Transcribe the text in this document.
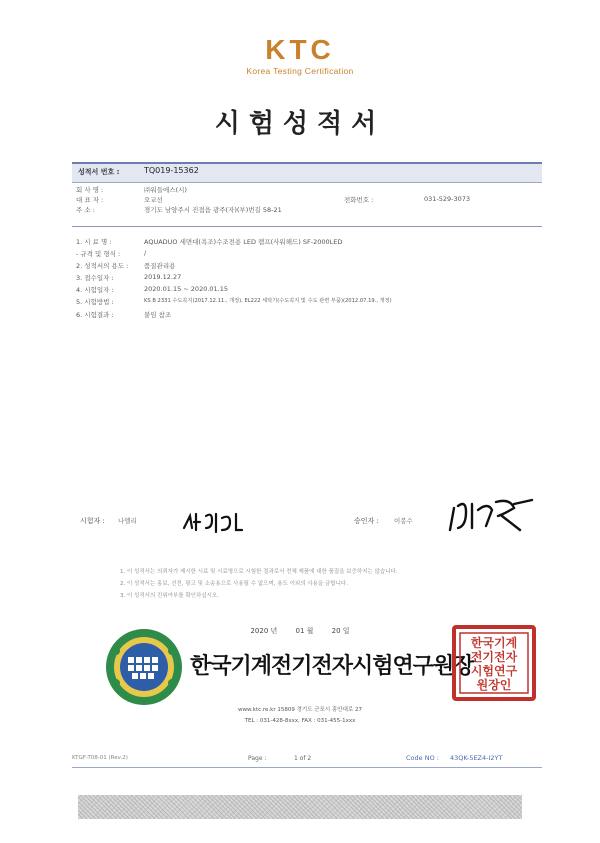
KTC
Korea Testing Certification
시험성적서
성적서 번호 :	TQ019-15362
회 사 명 :	㈜워들에스(시)
대 표 자 :	오교선	전화번호 :	031-529-3073
주 소 :	경기도 남양주시 진접읍 광주(자)(부)번길 58-21
1. 시 료 명 :	AQUADUO 세면대(욕조)수조전용 LED 램프(사워해드) SF-2000LED
- 규격 및 형식 :	/
2. 성적서의 용도 : 품질관리용
3. 접수일자 :	2019.12.27
4. 시험일자 :	2020.01.15 ~ 2020.01.15
5. 시험방법 :	KS B 2331 수도꼭지(2017.12.11., 개정), EL222 세탁기(수도꼭지 및 수도 관련 부품)(2012.07.19., 개정)
6. 시험결과 :	붙임 참조
시험자 : 나엘리	승인자 : 이봉수
1. 이 성적서는 의뢰자가 제시한 시료 및 시료명으로 시험한 결과로서 전체 제품에 대한 품질을 보증하지는 않습니다.
2. 이 성적서는 홍보, 선전, 광고 및 소송용으로 사용될 수 없으며, 용도 이외의 사용을 금합니다.
3. 이 성적서의 진위여부를 확인하십시오.
2020 년	01 월	20 일
한국기계전기전자시험연구원장
한국기계
전기전자
시험연구
원장인
www.ktc.re.kr 15809 경기도 군포시 흥안대로 27
TEL : 031-428-8xxx, FAX : 031-455-1xxx
KTGF-T08-01 (Rev.2)	Page :	1 of 2	Code NO : 43QK-5EZ4-I2YT
